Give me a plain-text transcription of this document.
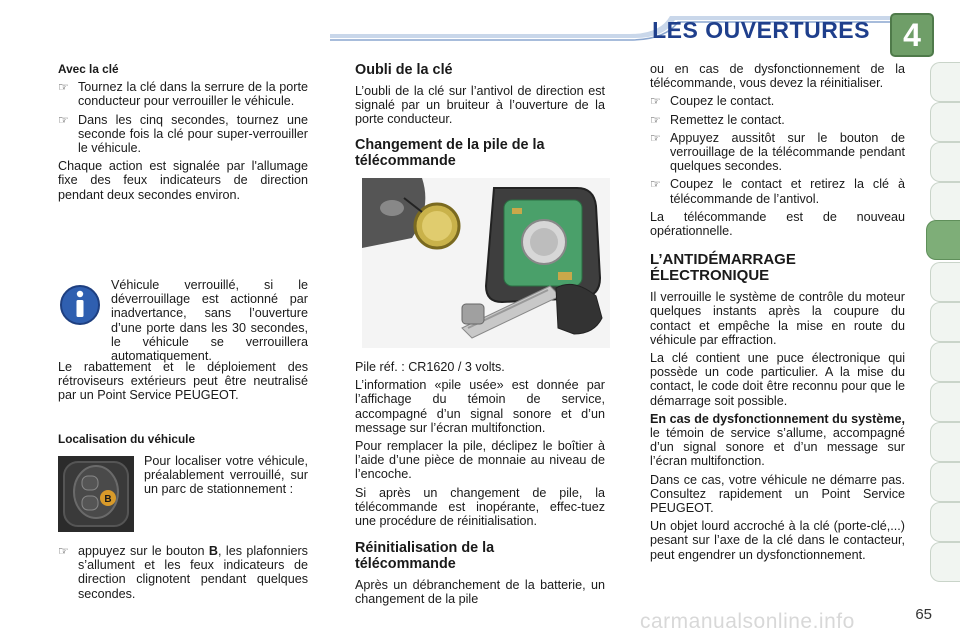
LES OUVERTURES	4
Avec la clé
☞ Tournez la clé dans la serrure de la porte conducteur pour verrouiller le véhicule.
☞ Dans les cinq secondes, tournez une seconde fois la clé pour super-verrouiller le véhicule.

Chaque action est signalée par l'allumage fixe des feux indicateurs de direction pendant deux secondes environ.

Véhicule verrouillé, si le déverrouillage est actionné par inadvertance, sans l’ouverture d’une porte dans les 30 secondes, le véhicule se verrouillera automatiquement.

Le rabattement et le déploiement des rétroviseurs extérieurs peut être neutralisé par un Point Service PEUGEOT.

Localisation du véhicule
B

Pour localiser votre véhicule, préalablement verrouillé, sur un parc de stationnement :

☞ appuyez sur le bouton B, les plafonniers s’allument et les feux indicateurs de direction clignotent pendant quelques secondes.
Oubli de la clé

L’oubli de la clé sur l’antivol de direction est signalé par un bruiteur à l’ouverture de la porte conducteur.

Changement de la pile de la télécommande

Pile réf. : CR1620 / 3 volts.

L’information «pile usée» est donnée par l’affichage du témoin de service, accompagné d’un signal sonore et d’un message sur l’écran multifonction.

Pour remplacer la pile, déclipez le boîtier à l’aide d’une pièce de monnaie au niveau de l’encoche.

Si après un changement de pile, la télécommande est inopérante, effec-tuez une procédure de réinitialisation.

Réinitialisation de la télécommande

Après un débranchement de la batterie, un changement de la pile

ou en cas de dysfonctionnement de la télécommande, vous devez la réinitialiser.

☞ Coupez le contact.
☞ Remettez le contact.
☞ Appuyez aussitôt sur le bouton de verrouillage de la télécommande pendant quelques secondes.
☞ Coupez le contact et retirez la clé à télécommande de l’antivol.

La télécommande est de nouveau opérationnelle.

L’ANTIDÉMARRAGE ÉLECTRONIQUE

Il verrouille le système de contrôle du moteur quelques instants après la coupure du contact et empêche la mise en route du véhicule par effraction.

La clé contient une puce électronique qui possède un code particulier. A la mise du contact, le code doit être reconnu pour que le démarrage soit possible.

En cas de dysfonctionnement du système, le témoin de service s’allume, accompagné d’un signal sonore et d’un message sur l’écran multifonction.

Dans ce cas, votre véhicule ne démarre pas. Consultez rapidement un Point Service PEUGEOT.

Un objet lourd accroché à la clé (porte-clé,...) pesant sur l’axe de la clé dans le contacteur, peut engendrer un dysfonctionnement.

carmanualsonline.info	65
